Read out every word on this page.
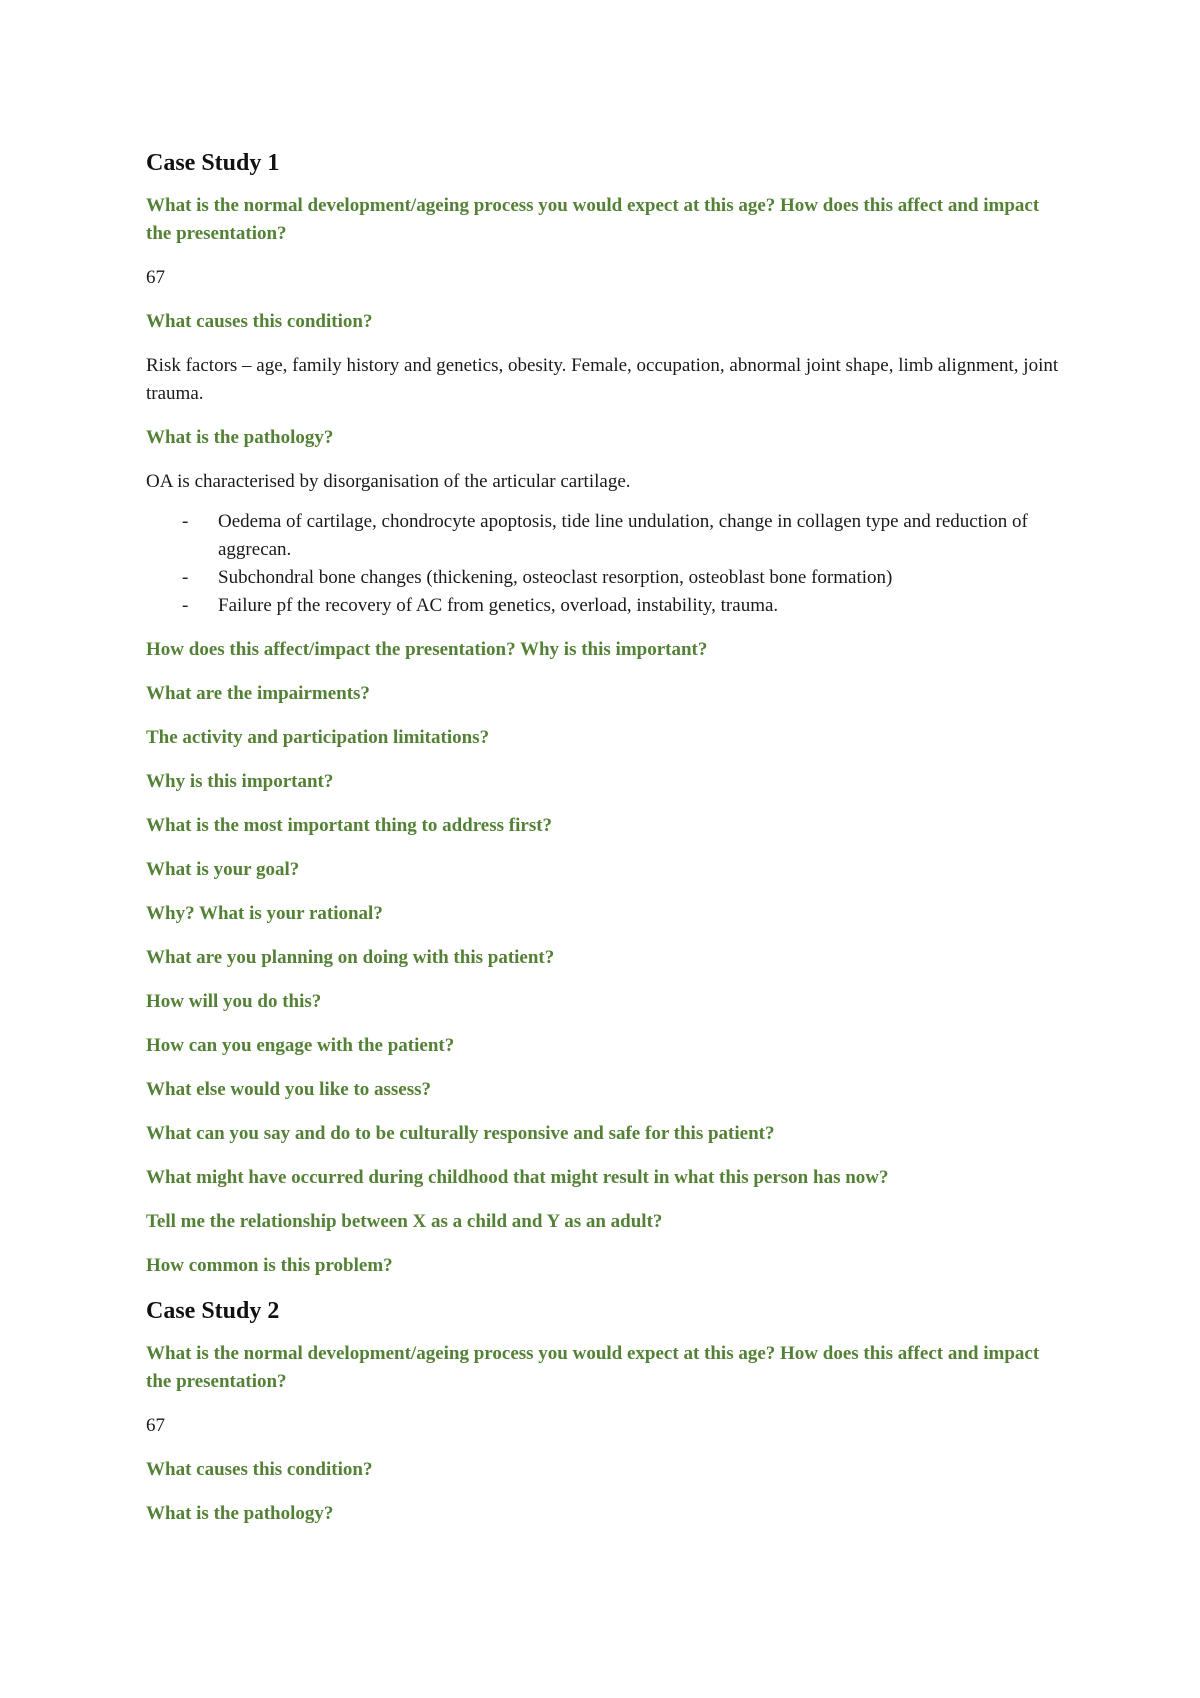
Case Study 1

What is the normal development/ageing process you would expect at this age? How does this affect and impact the presentation?

67

What causes this condition?

Risk factors – age, family history and genetics, obesity. Female, occupation, abnormal joint shape, limb alignment, joint trauma.

What is the pathology?

OA is characterised by disorganisation of the articular cartilage.

- Oedema of cartilage, chondrocyte apoptosis, tide line undulation, change in collagen type and reduction of aggrecan.
- Subchondral bone changes (thickening, osteoclast resorption, osteoblast bone formation)
- Failure pf the recovery of AC from genetics, overload, instability, trauma.

How does this affect/impact the presentation? Why is this important?

What are the impairments?

The activity and participation limitations?

Why is this important?

What is the most important thing to address first?

What is your goal?

Why? What is your rational?

What are you planning on doing with this patient?

How will you do this?

How can you engage with the patient?

What else would you like to assess?

What can you say and do to be culturally responsive and safe for this patient?

What might have occurred during childhood that might result in what this person has now?

Tell me the relationship between X as a child and Y as an adult?

How common is this problem?

Case Study 2

What is the normal development/ageing process you would expect at this age? How does this affect and impact the presentation?

67

What causes this condition?

What is the pathology?
